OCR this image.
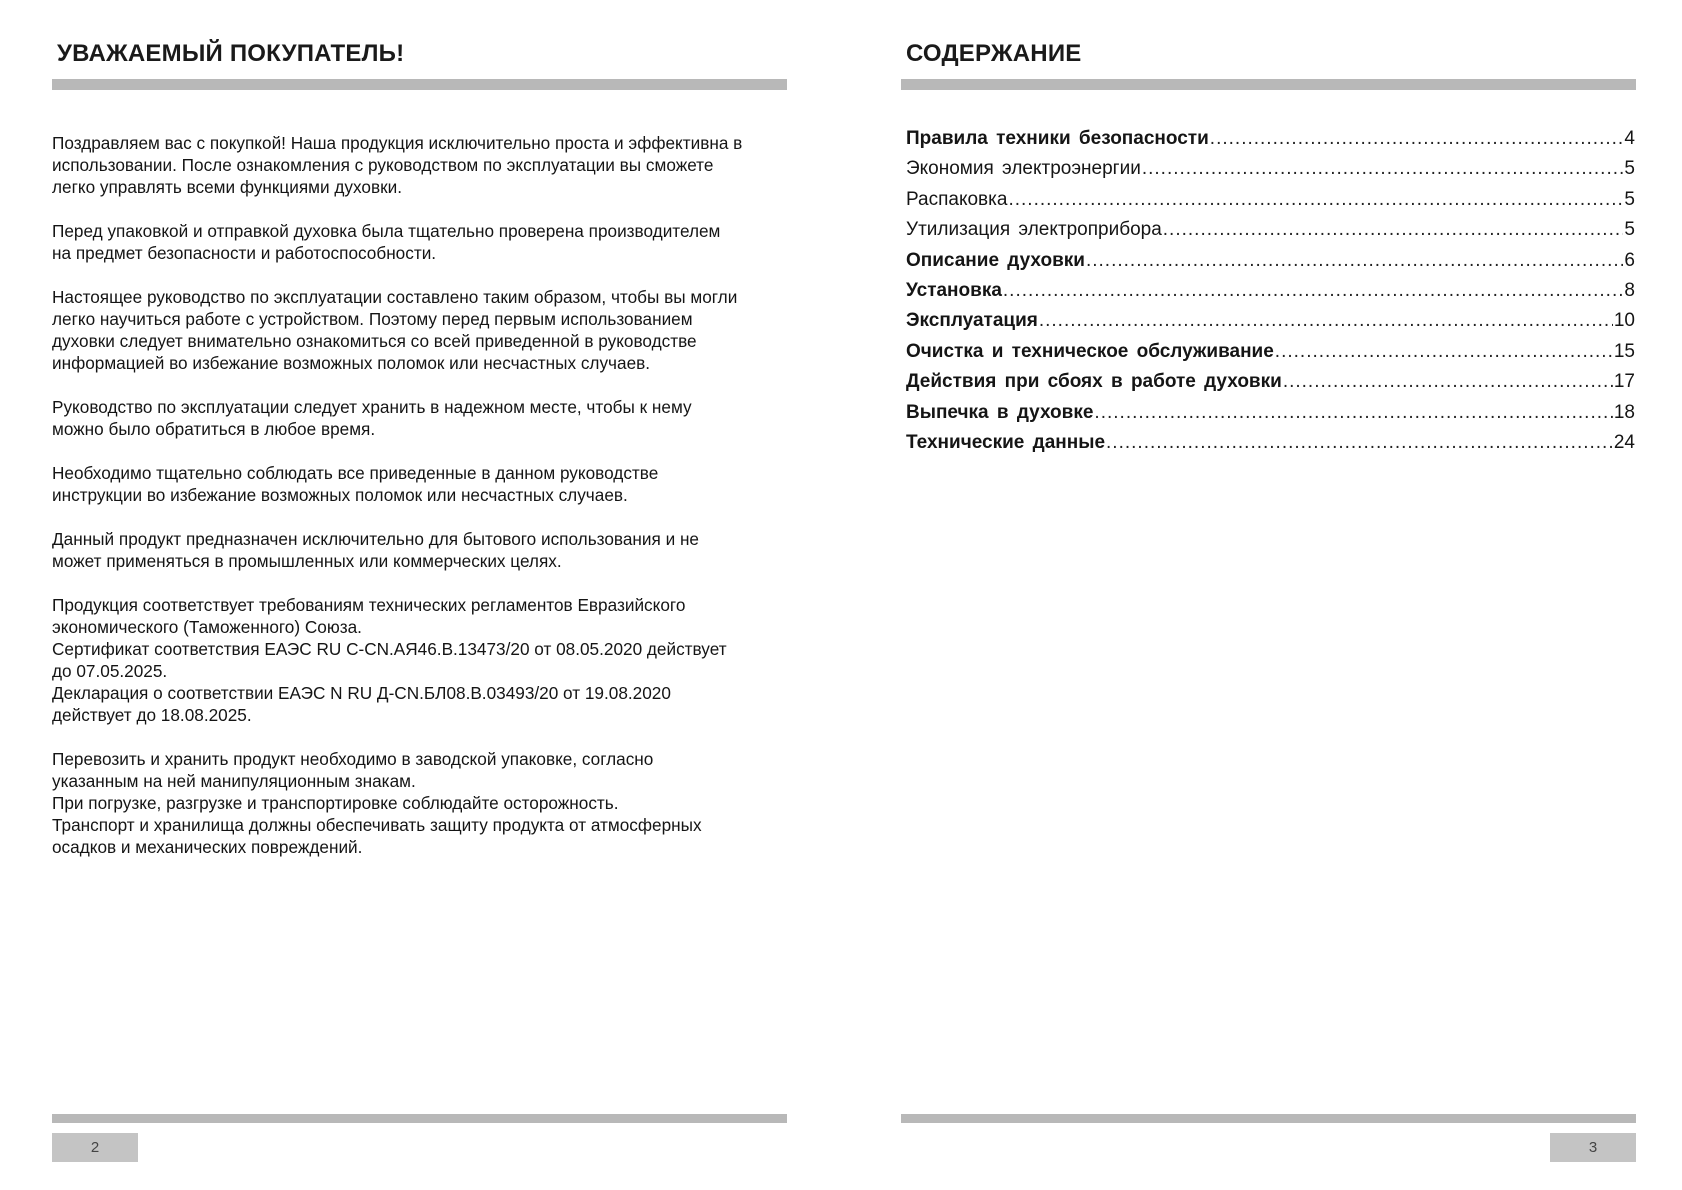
УВАЖАЕМЫЙ ПОКУПАТЕЛЬ!

Поздравляем вас с покупкой! Наша продукция исключительно проста и эффективна в
использовании. После ознакомления с руководством по эксплуатации вы сможете
легко управлять всеми функциями духовки.

Перед упаковкой и отправкой духовка была тщательно проверена производителем
на предмет безопасности и работоспособности.

Настоящее руководство по эксплуатации составлено таким образом, чтобы вы могли
легко научиться работе с устройством. Поэтому перед первым использованием
духовки следует внимательно ознакомиться со всей приведенной в руководстве
информацией во избежание возможных поломок или несчастных случаев.

Руководство по эксплуатации следует хранить в надежном месте, чтобы к нему
можно было обратиться в любое время.

Необходимо тщательно соблюдать все приведенные в данном руководстве
инструкции во избежание возможных поломок или несчастных случаев.

Данный продукт предназначен исключительно для бытового использования и не
может применяться в промышленных или коммерческих целях.

Продукция соответствует требованиям технических регламентов Евразийского
экономического (Таможенного) Союза.
Сертификат соответствия ЕАЭС RU C-CN.АЯ46.В.13473/20 от 08.05.2020 действует
до 07.05.2025.
Декларация о соответствии ЕАЭС N RU Д-CN.БЛ08.В.03493/20 от 19.08.2020
действует до 18.08.2025.

Перевозить и хранить продукт необходимо в заводской упаковке, согласно
указанным на ней манипуляционным знакам.
При погрузке, разгрузке и транспортировке соблюдайте осторожность.
Транспорт и хранилища должны обеспечивать защиту продукта от атмосферных
осадков и механических повреждений.

2
СОДЕРЖАНИЕ
Правила техники безопасности .....	4
Экономия электроэнергии .....	5
Распаковка .....	5
Утилизация электроприбора .....	5
Описание духовки .....	6
Установка .....	8
Эксплуатация .....	10
Очистка и техническое обслуживание .....	15
Действия при сбоях в работе духовки .....	17
Выпечка в духовке .....	18
Технические данные .....	24
3
